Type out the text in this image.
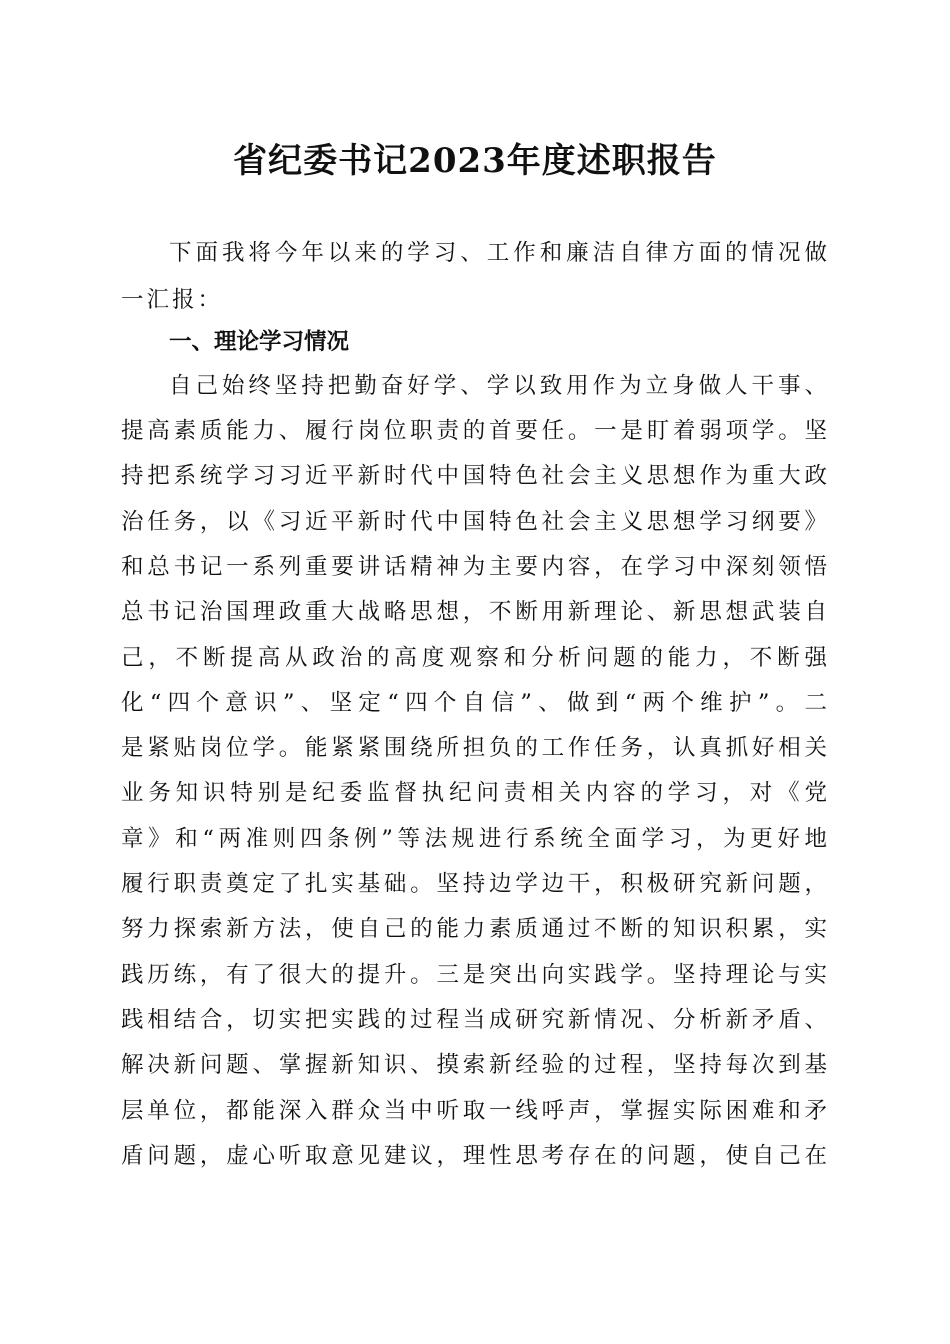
省纪委书记2023年度述职报告
下面我将今年以来的学习、工作和廉洁自律方面的情况做
一汇报：
一、理论学习情况
自己始终坚持把勤奋好学、学以致用作为立身做人干事、
提高素质能力、履行岗位职责的首要任。一是盯着弱项学。坚
持把系统学习习近平新时代中国特色社会主义思想作为重大政
治任务，以《习近平新时代中国特色社会主义思想学习纲要》
和总书记一系列重要讲话精神为主要内容，在学习中深刻领悟
总书记治国理政重大战略思想，不断用新理论、新思想武装自
己，不断提高从政治的高度观察和分析问题的能力，不断强
化“四个意识”、坚定“四个自信”、做到“两个维护”。二
是紧贴岗位学。能紧紧围绕所担负的工作任务，认真抓好相关
业务知识特别是纪委监督执纪问责相关内容的学习，对《党
章》和“两准则四条例”等法规进行系统全面学习，为更好地
履行职责奠定了扎实基础。坚持边学边干，积极研究新问题，
努力探索新方法，使自己的能力素质通过不断的知识积累，实
践历练，有了很大的提升。三是突出向实践学。坚持理论与实
践相结合，切实把实践的过程当成研究新情况、分析新矛盾、
解决新问题、掌握新知识、摸索新经验的过程，坚持每次到基
层单位，都能深入群众当中听取一线呼声，掌握实际困难和矛
盾问题，虚心听取意见建议，理性思考存在的问题，使自己在
